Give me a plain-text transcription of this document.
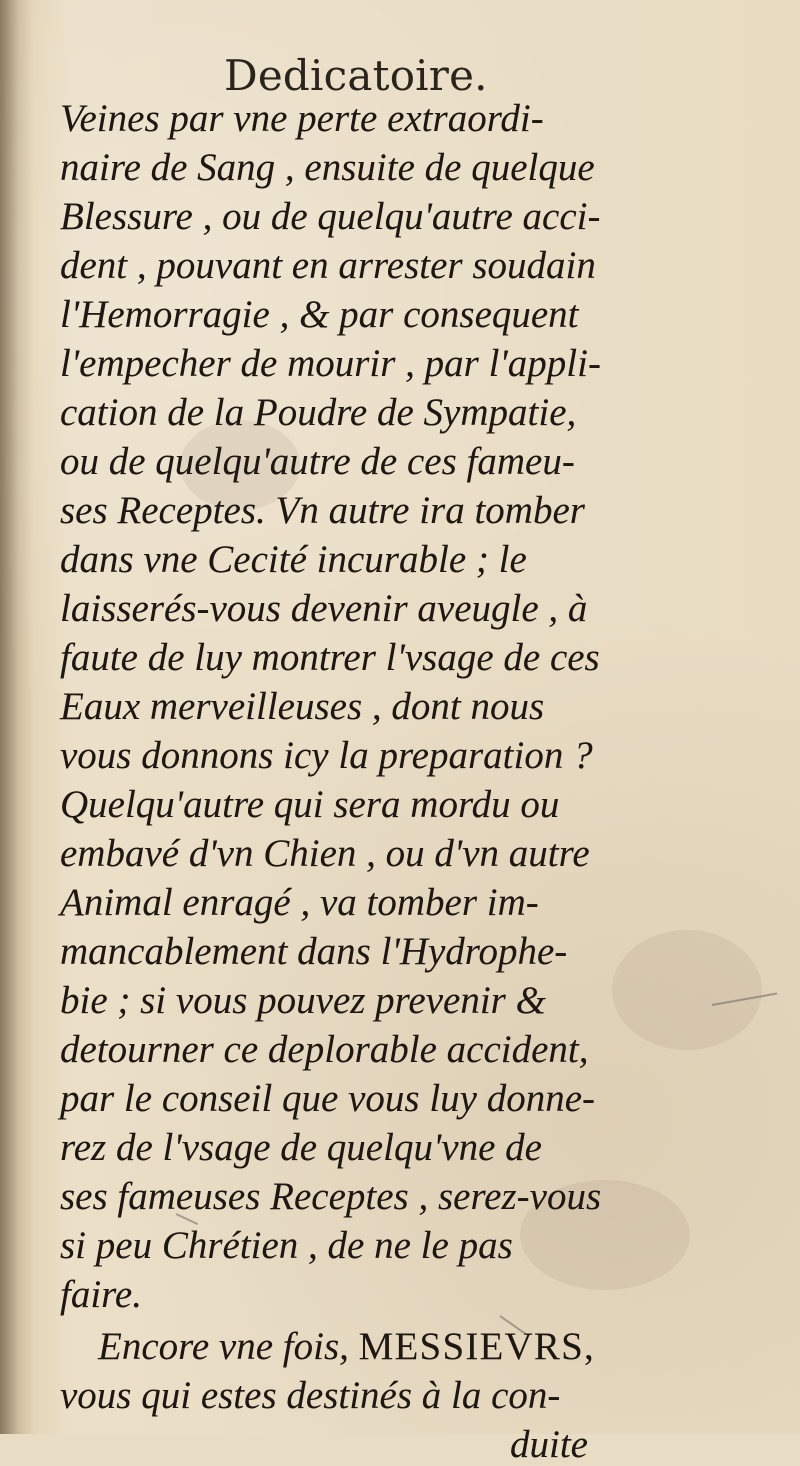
Dedicatoire.
Veines par vne perte extraordi-
naire de Sang , ensuite de quelque
Blessure , ou de quelqu'autre acci-
dent , pouvant en arrester soudain
l'Hemorragie , & par consequent
l'empecher de mourir , par l'appli-
cation de la Poudre de Sympatie,
ou de quelqu'autre de ces fameu-
ses Receptes. Vn autre ira tomber
dans vne Cecité incurable ; le
laisserés-vous devenir aveugle , à
faute de luy montrer l'vsage de ces
Eaux merveilleuses , dont nous
vous donnons icy la preparation ?
Quelqu'autre qui sera mordu ou
embavé d'vn Chien , ou d'vn autre
Animal enragé , va tomber im-
mancablement dans l'Hydrophe-
bie ; si vous pouvez prevenir &
detourner ce deplorable accident,
par le conseil que vous luy donne-
rez de l'vsage de quelqu'vne de
ses fameuses Receptes , serez-vous
si peu Chrétien , de ne le pas
faire.
Encore vne fois, MESSIEVRS,
vous qui estes destinés à la con-
duite
